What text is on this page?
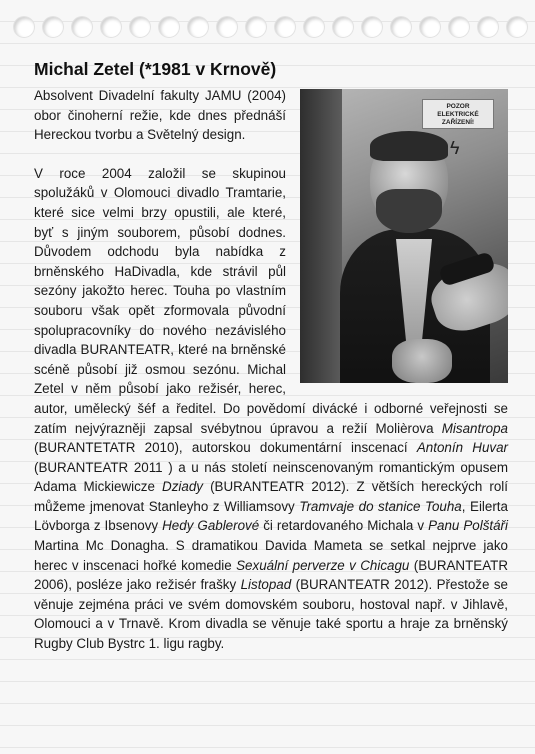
Michal Zetel (*1981 v Krnově)
POZOR
ELEKTRICKÉ
ZAŘÍZENÍ!
ϟ

Absolvent Divadelní fakulty JAMU (2004) obor činoherní režie, kde dnes přednáší Hereckou tvorbu a Světelný design.

V roce 2004 založil se skupinou spolužáků v Olomouci divadlo Tramtarie, které sice velmi brzy opustili, ale které, byť s jiným souborem, působí dodnes. Důvodem odchodu byla nabídka z brněnského HaDivadla, kde strávil půl sezóny jakožto herec. Touha po vlastním souboru však opět zformovala původní spolupracovníky do nového nezávislého divadla BURANTEATR, které na brněnské scéně působí již osmou sezónu. Michal Zetel v něm působí jako režisér, herec, autor, umělecký šéf a ředitel. Do povědomí divácké i odborné veřejnosti se zatím nejvýrazněji zapsal svébytnou úpravou a režií Molièrova Misantropa (BURANTETATR 2010), autorskou dokumentární inscenací Antonín Huvar (BURANTEATR 2011 ) a u nás století neinscenovaným romantickým opusem Adama Mickiewicze Dziady (BURANTEATR 2012). Z větších hereckých rolí můžeme jmenovat Stanleyho z Williamsovy Tramvaje do stanice Touha, Eilerta Lövborga z Ibsenovy Hedy Gablerové či retardovaného Michala v Panu Polštáři Martina Mc Donagha. S dramatikou Davida Mameta se setkal nejprve jako herec v inscenaci hořké komedie Sexuální perverze v Chicagu (BURANTEATR 2006), posléze jako režisér frašky Listopad (BURANTEATR 2012). Přestože se věnuje zejména práci ve svém domovském souboru, hostoval např. v Jihlavě, Olomouci a v Trnavě. Krom divadla se věnuje také sportu a hraje za brněnský Rugby Club Bystrc 1. ligu ragby.
